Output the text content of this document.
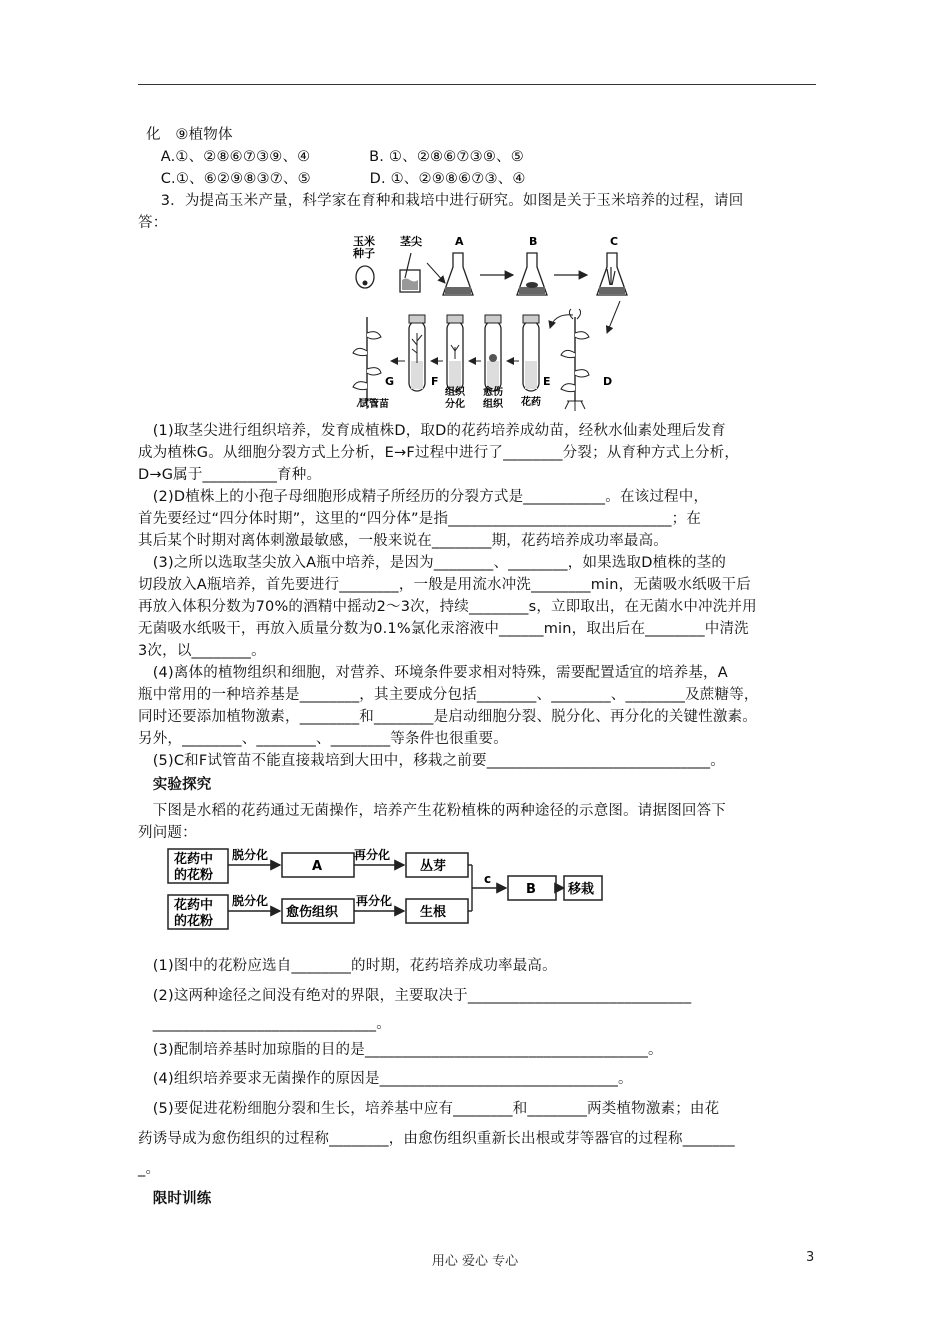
化　⑨植物体
　A.①、②⑧⑥⑦③⑨、④　　　　B. ①、②⑧⑥⑦③⑨、⑤
　C.①、⑥②⑨⑧③⑦、⑤　　　　D. ①、②⑨⑧⑥⑦③、④
　3．为提高玉米产量，科学家在育种和栽培中进行研究。如图是关于玉米培养的过程，请回
答：
玉米
种子
茎尖	A	B	C
D
E
花药
愈伤
组织
组织
分化
F
G
试管苗
　(1)取茎尖进行组织培养，发育成植株D，取D的花药培养成幼苗，经秋水仙素处理后发育
成为植株G。从细胞分裂方式上分析，E→F过程中进行了________分裂；从育种方式上分析，
D→G属于__________育种。
　(2)D植株上的小孢子母细胞形成精子所经历的分裂方式是___________。在该过程中，
首先要经过“四分体时期”，这里的“四分体”是指______________________________；在
其后某个时期对离体刺激最敏感，一般来说在________期，花药培养成功率最高。
　(3)之所以选取茎尖放入A瓶中培养，是因为________、________，如果选取D植株的茎的
切段放入A瓶培养，首先要进行________，一般是用流水冲洗________min，无菌吸水纸吸干后
再放入体积分数为70%的酒精中摇动2～3次，持续________s，立即取出，在无菌水中冲洗并用
无菌吸水纸吸干，再放入质量分数为0.1%氯化汞溶液中______min，取出后在________中清洗
3次，以________。
　(4)离体的植物组织和细胞，对营养、环境条件要求相对特殊，需要配置适宜的培养基，A
瓶中常用的一种培养基是________，其主要成分包括________、________、________及蔗糖等，
同时还要添加植物激素，________和________是启动细胞分裂、脱分化、再分化的关键性激素。
另外，________、________、________等条件也很重要。
　(5)C和F试管苗不能直接栽培到大田中，移栽之前要______________________________。
　实验探究
　下图是水稻的花药通过无菌操作，培养产生花粉植株的两种途径的示意图。请据图回答下
列问题：
花药中
的花粉
脱分化
A
再分化
丛芽
花药中
的花粉
脱分化
愈伤组织
再分化
生根
c
B 移栽
　(1)图中的花粉应选自________的时期，花药培养成功率最高。
　(2)这两种途径之间没有绝对的界限，主要取决于______________________________
　______________________________。
　(3)配制培养基时加琼脂的目的是______________________________________。
　(4)组织培养要求无菌操作的原因是________________________________。
　(5)要促进花粉细胞分裂和生长，培养基中应有________和________两类植物激素；由花
药诱导成为愈伤组织的过程称________，由愈伤组织重新长出根或芽等器官的过程称_______
_。
　限时训练
用心 爱心 专心	3
